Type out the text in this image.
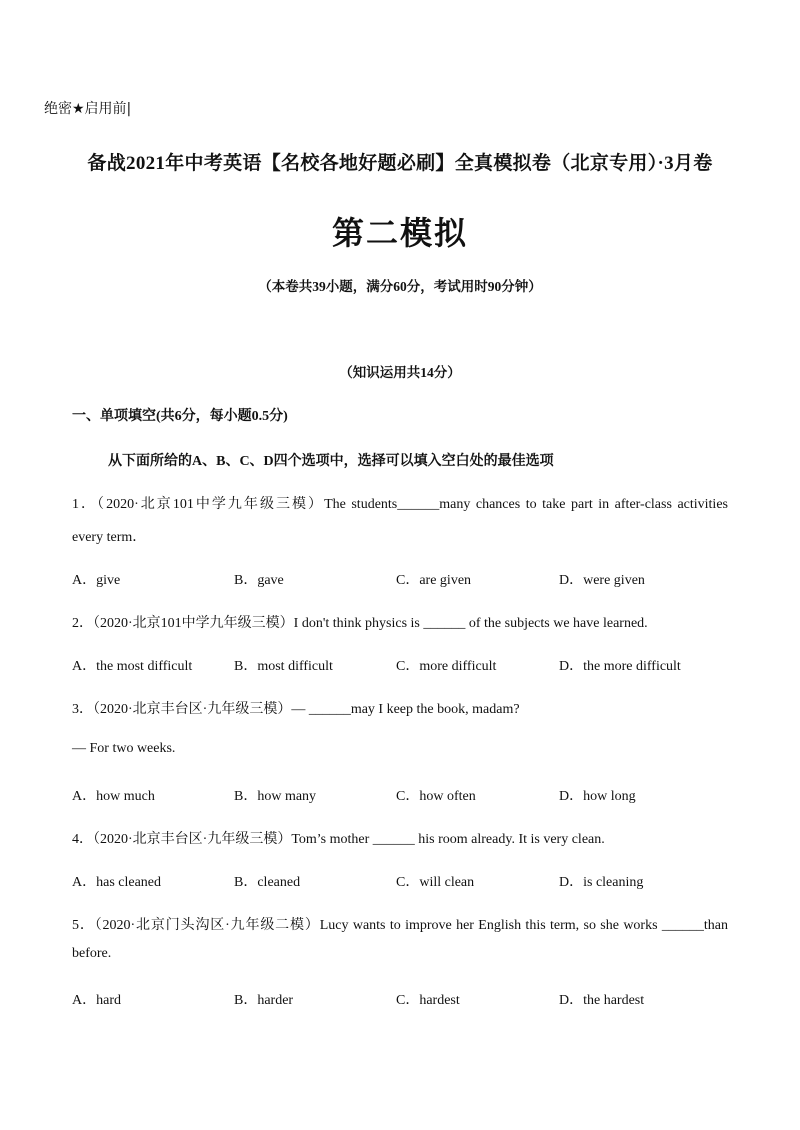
绝密★启用前|
备战2021年中考英语【名校各地好题必刷】全真模拟卷（北京专用）·3月卷
第二模拟
（本卷共39小题，满分60分，考试用时90分钟）
（知识运用共14分）
一、单项填空(共6分，每小题0.5分)
从下面所给的A、B、C、D四个选项中，选择可以填入空白处的最佳选项
1．（2020·北京101中学九年级三模）The students______many chances to take part in after-class activities
every term．
A．give	B．gave	C．are given	D．were given
2．（2020·北京101中学九年级三模）I don't think physics is ______ of the subjects we have learned.
A．the most difficult	B．most difficult	C．more difficult	D．the more difficult
3．（2020·北京丰台区·九年级三模）— ______may I keep the book, madam?
— For two weeks.
A．how much	B．how many	C．how often	D．how long
4．（2020·北京丰台区·九年级三模）Tom’s mother ______ his room already. It is very clean.
A．has cleaned	B．cleaned	C．will clean	D．is cleaning
5．（2020·北京门头沟区·九年级二模）Lucy wants to improve her English this term, so she works ______than
before.
A．hard	B．harder	C．hardest	D．the hardest
